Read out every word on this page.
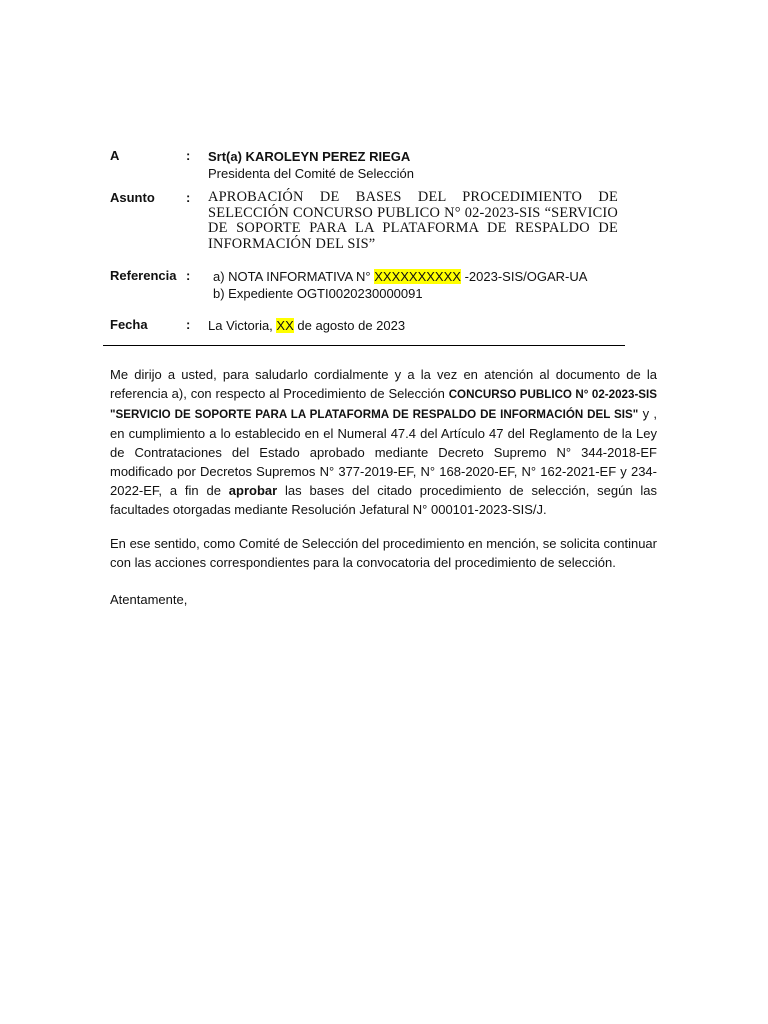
A	: Srt(a) KAROLEYN PEREZ RIEGA
Presidenta del Comité de Selección
Asunto : APROBACIÓN DE BASES DEL PROCEDIMIENTO DE
SELECCIÓN CONCURSO PUBLICO N° 02-2023-SIS “SERVICIO
DE SOPORTE PARA LA PLATAFORMA DE RESPALDO DE
INFORMACIÓN DEL SIS”
Referencia : a) NOTA INFORMATIVA N° XXXXXXXXXX -2023-SIS/OGAR-UA
b) Expediente OGTI0020230000091
Fecha	: La Victoria, XX de agosto de 2023
Me dirijo a usted, para saludarlo cordialmente y a la vez en atención al documento de la referencia a), con respecto al Procedimiento de Selección CONCURSO PUBLICO N° 02-2023-SIS "SERVICIO DE SOPORTE PARA LA PLATAFORMA DE RESPALDO DE INFORMACIÓN DEL SIS" y , en cumplimiento a lo establecido en el Numeral 47.4 del Artículo 47 del Reglamento de la Ley de Contrataciones del Estado aprobado mediante Decreto Supremo N° 344-2018-EF modificado por Decretos Supremos N° 377-2019-EF, N° 168-2020-EF, N° 162-2021-EF y 234-2022-EF, a fin de aprobar las bases del citado procedimiento de selección, según las facultades otorgadas mediante Resolución Jefatural N° 000101-2023-SIS/J.
En ese sentido, como Comité de Selección del procedimiento en mención, se solicita continuar con las acciones correspondientes para la convocatoria del procedimiento de selección.
Atentamente,
